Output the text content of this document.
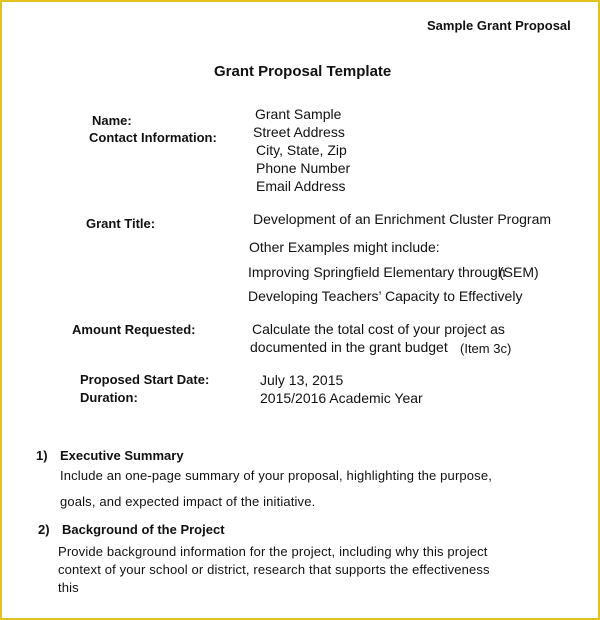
Sample Grant Proposal
Grant Proposal Template
Name:	Grant Sample
Contact Information:	Street Address
City, State, Zip
Phone Number
Email Address
Grant Title:	Development of an Enrichment Cluster Program
Other Examples might include:
Improving Springfield Elementary through
(SEM)
Developing Teachers’ Capacity to Effectively
Amount Requested:	Calculate the total cost of your project as
documented in the grant budget (Item 3c)
Proposed Start Date:	July 13, 2015
Duration:	2015/2016 Academic Year
1) Executive Summary
Include an one-page summary of your proposal, highlighting the purpose,
goals, and expected impact of the initiative.
2) Background of the Project
Provide background information for the project, including why this project
context of your school or district, research that supports the effectiveness
this
